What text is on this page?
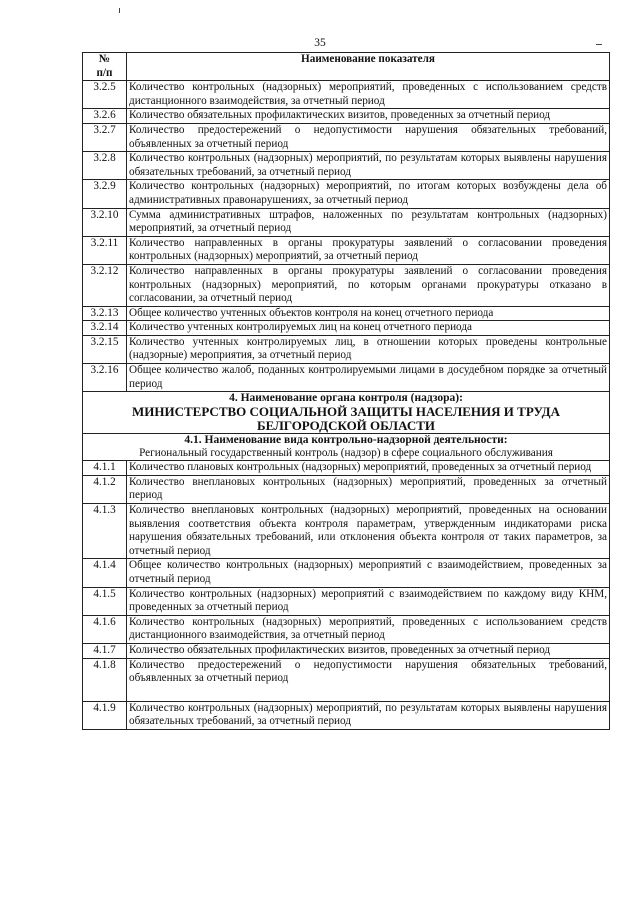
35
№
п/п	Наименование показателя
3.2.5	Количество контрольных (надзорных) мероприятий, проведенных с использованием средств дистанционного взаимодействия, за отчетный период
3.2.6	Количество обязательных профилактических визитов, проведенных за отчетный период
3.2.7	Количество предостережений о недопустимости нарушения обязательных требований, объявленных за отчетный период
3.2.8	Количество контрольных (надзорных) мероприятий, по результатам которых выявлены нарушения обязательных требований, за отчетный период
3.2.9	Количество контрольных (надзорных) мероприятий, по итогам которых возбуждены дела об административных правонарушениях, за отчетный период
3.2.10	Сумма административных штрафов, наложенных по результатам контрольных (надзорных) мероприятий, за отчетный период
3.2.11	Количество направленных в органы прокуратуры заявлений о согласовании проведения контрольных (надзорных) мероприятий, за отчетный период
3.2.12	Количество направленных в органы прокуратуры заявлений о согласовании проведения контрольных (надзорных) мероприятий, по которым органами прокуратуры отказано в согласовании, за отчетный период
3.2.13	Общее количество учтенных объектов контроля на конец отчетного периода
3.2.14	Количество учтенных контролируемых лиц на конец отчетного периода
3.2.15	Количество учтенных контролируемых лиц, в отношении которых проведены контрольные (надзорные) мероприятия, за отчетный период
3.2.16	Общее количество жалоб, поданных контролируемыми лицами в досудебном порядке за отчетный период

4. Наименование органа контроля (надзора):
МИНИСТЕРСТВО СОЦИАЛЬНОЙ ЗАЩИТЫ НАСЕЛЕНИЯ И ТРУДА БЕЛГОРОДСКОЙ ОБЛАСТИ	

4.1. Наименование вида контрольно-надзорной деятельности:
Региональный государственный контроль (надзор) в сфере социального обслуживания	

4.1.1	Количество плановых контрольных (надзорных) мероприятий, проведенных за отчетный период
4.1.2	Количество внеплановых контрольных (надзорных) мероприятий, проведенных за отчетный период
4.1.3	Количество внеплановых контрольных (надзорных) мероприятий, проведенных на основании выявления соответствия объекта контроля параметрам, утвержденным индикаторами риска нарушения обязательных требований, или отклонения объекта контроля от таких параметров, за отчетный период
4.1.4	Общее количество контрольных (надзорных) мероприятий с взаимодействием, проведенных за отчетный период
4.1.5	Количество контрольных (надзорных) мероприятий с взаимодействием по каждому виду КНМ, проведенных за отчетный период
4.1.6	Количество контрольных (надзорных) мероприятий, проведенных с использованием средств дистанционного взаимодействия, за отчетный период
4.1.7	Количество обязательных профилактических визитов, проведенных за отчетный период
4.1.8	Количество предостережений о недопустимости нарушения обязательных требований, объявленных за отчетный период
4.1.9	Количество контрольных (надзорных) мероприятий, по результатам которых выявлены нарушения обязательных требований, за отчетный период
